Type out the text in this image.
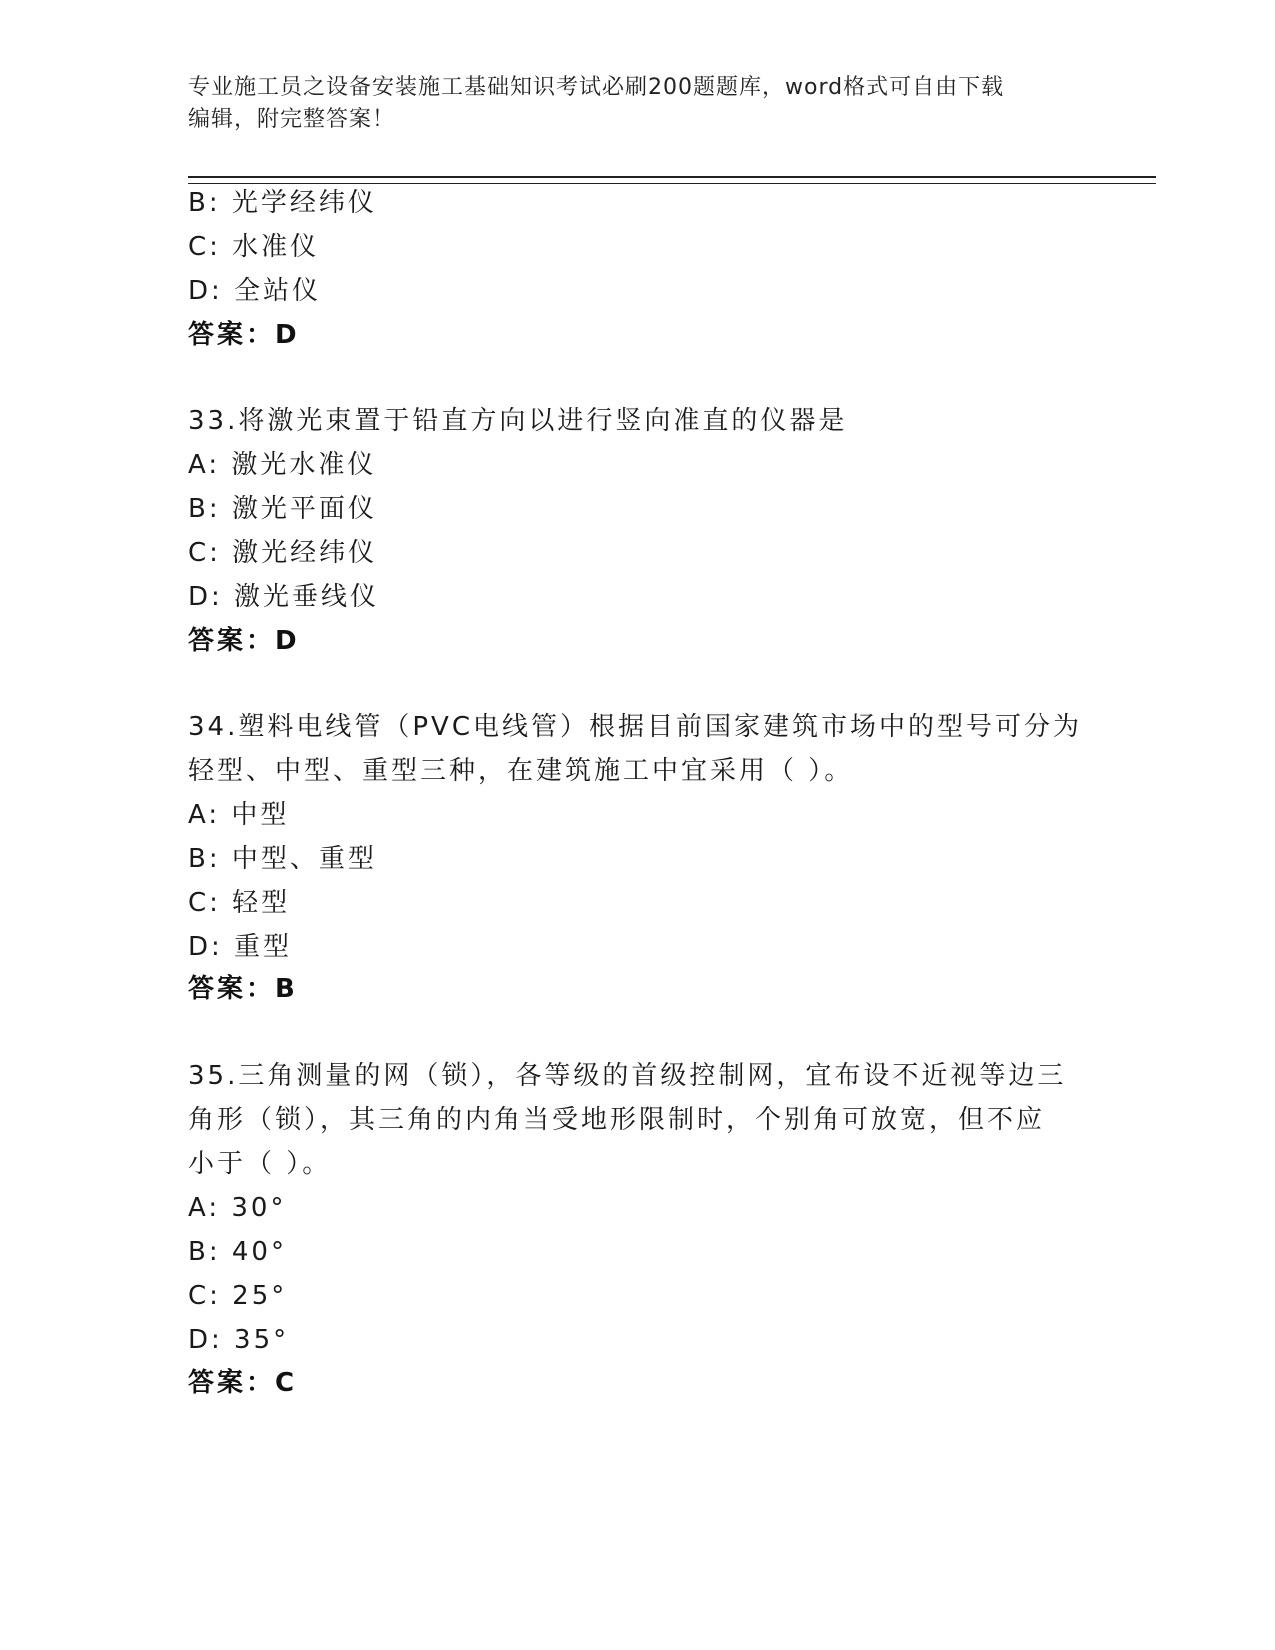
专业施工员之设备安装施工基础知识考试必刷200题题库，word格式可自由下载
编辑，附完整答案！
B: 光学经纬仪
C: 水准仪
D: 全站仪
答案：D
33.将激光束置于铅直方向以进行竖向准直的仪器是
A: 激光水准仪
B: 激光平面仪
C: 激光经纬仪
D: 激光垂线仪
答案：D
34.塑料电线管（PVC电线管）根据目前国家建筑市场中的型号可分为
轻型、中型、重型三种，在建筑施工中宜采用（ ）。
A: 中型
B: 中型、重型
C: 轻型
D: 重型
答案：B
35.三角测量的网（锁），各等级的首级控制网，宜布设不近视等边三
角形（锁），其三角的内角当受地形限制时，个别角可放宽，但不应
小于（ ）。
A: 30°
B: 40°
C: 25°
D: 35°
答案：C
